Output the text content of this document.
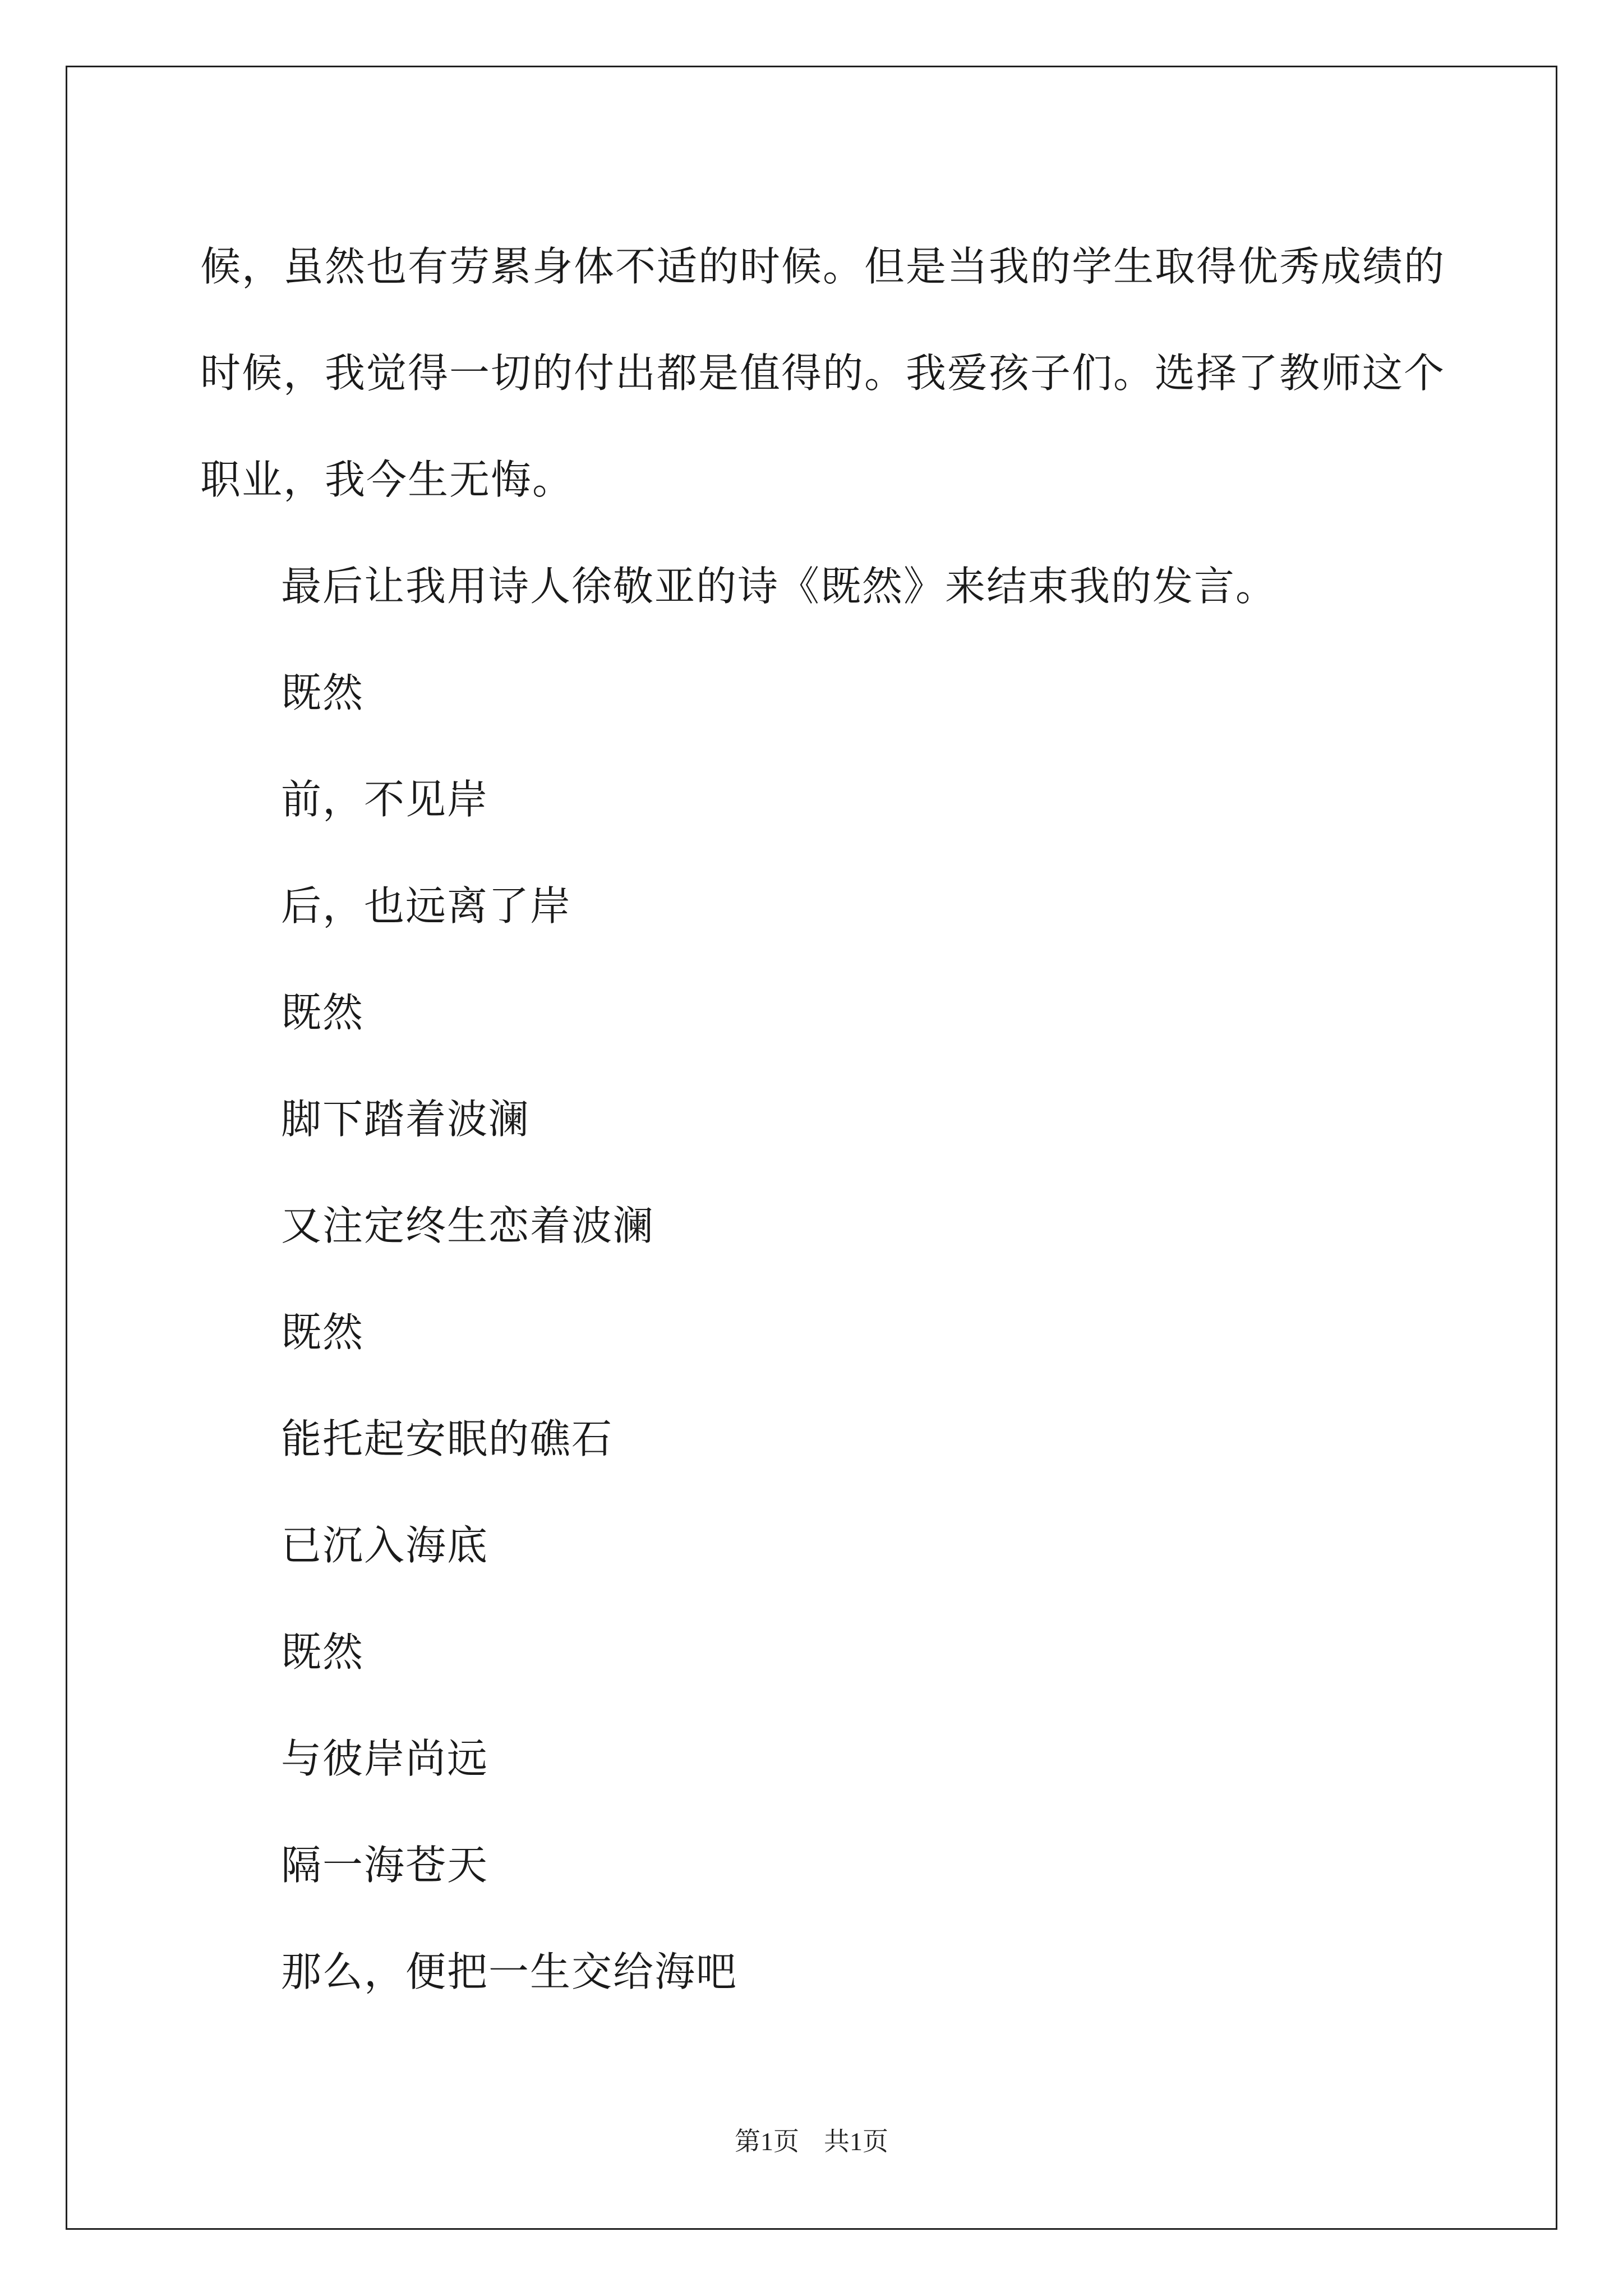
候，虽然也有劳累身体不适的时候。但是当我的学生取得优秀成绩的

时候，我觉得一切的付出都是值得的。我爱孩子们。选择了教师这个

职业，我今生无悔。

最后让我用诗人徐敬亚的诗《既然》来结束我的发言。

既然

前，不见岸

后，也远离了岸

既然

脚下踏着波澜

又注定终生恋着波澜

既然

能托起安眠的礁石

已沉入海底

既然

与彼岸尚远

隔一海苍天

那么，便把一生交给海吧

第1页 共1页
